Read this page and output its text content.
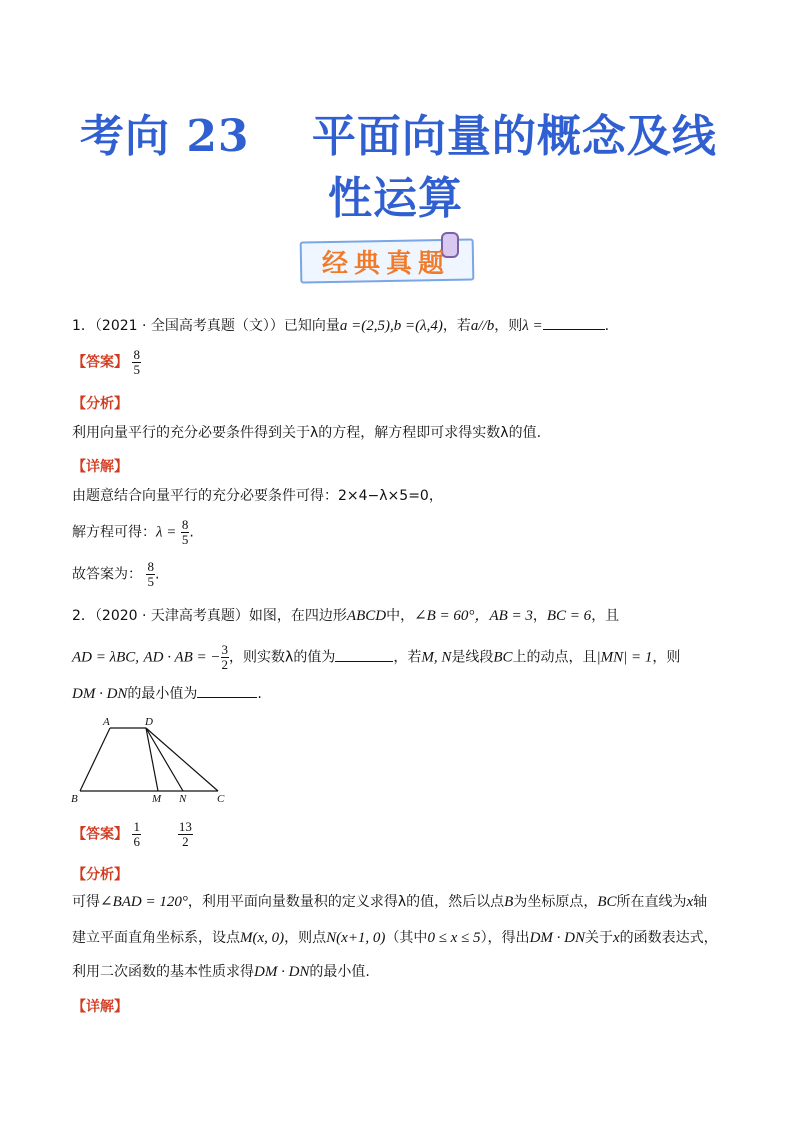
考向 23 平面向量的概念及线
性运算
经典真题
1．（2021 · 全国高考真题（文））已知向量a =(2,5),b =(λ,4)，若a//b，则λ =	.
【答案】 $\frac{8}{5}$
【分析】
利用向量平行的充分必要条件得到关于λ的方程，解方程即可求得实数λ的值.
【详解】
由题意结合向量平行的充分必要条件可得：2×4−λ×5=0，
解方程可得：$\lambda = \frac{8}{5}$ .
故答案为： $\frac{8}{5}$ .
2．（2020 · 天津高考真题）如图，在四边形ABCD中，∠B = 60°，AB = 3，BC = 6，且
AD = λBC, AD · AB = − $\frac{3}{2}$ ，则实数λ的值为	，若M, N是线段BC上的动点，且|MN| = 1，则
DM · DN的最小值为	.
A	D
B	M N	C
【答案】 $\frac{1}{6}$
	$\frac{13}{2}$
【分析】
可得∠BAD = 120°，利用平面向量数量积的定义求得λ的值，然后以点B为坐标原点，BC所在直线为x轴
建立平面直角坐标系，设点M(x, 0)，则点N(x+1, 0)（其中0 ≤ x ≤ 5），得出DM · DN关于x的函数表达式，
利用二次函数的基本性质求得DM · DN的最小值.
【详解】
